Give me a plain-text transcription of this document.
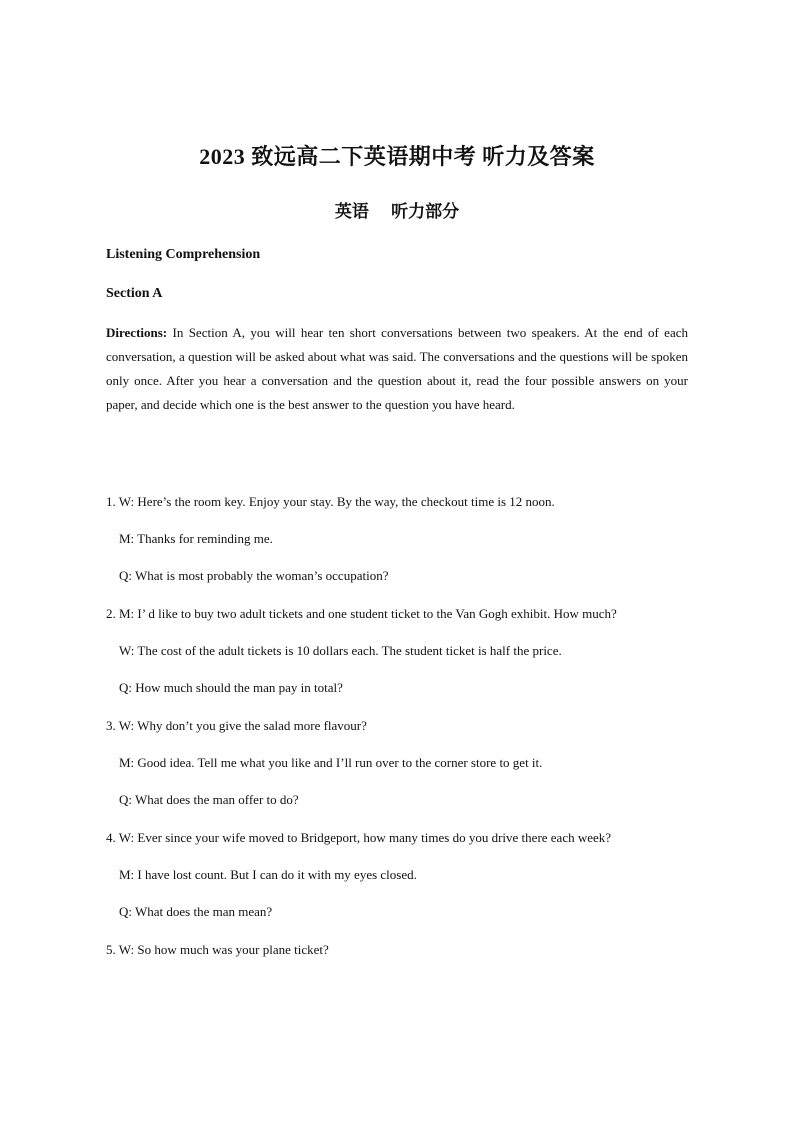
2023 致远高二下英语期中考 听力及答案
英语 听力部分
Listening Comprehension
Section A
Directions: In Section A, you will hear ten short conversations between two speakers. At the end of each conversation, a question will be asked about what was said. The conversations and the questions will be spoken only once. After you hear a conversation and the question about it, read the four possible answers on your paper, and decide which one is the best answer to the question you have heard.
1. W: Here’s the room key. Enjoy your stay. By the way, the checkout time is 12 noon.
M: Thanks for reminding me.
Q: What is most probably the woman’s occupation?
2. M: I’ d like to buy two adult tickets and one student ticket to the Van Gogh exhibit. How much?
W: The cost of the adult tickets is 10 dollars each. The student ticket is half the price.
Q: How much should the man pay in total?
3. W: Why don’t you give the salad more flavour?
M: Good idea. Tell me what you like and I’ll run over to the corner store to get it.
Q: What does the man offer to do?
4. W: Ever since your wife moved to Bridgeport, how many times do you drive there each week?
M: I have lost count. But I can do it with my eyes closed.
Q: What does the man mean?
5. W: So how much was your plane ticket?
